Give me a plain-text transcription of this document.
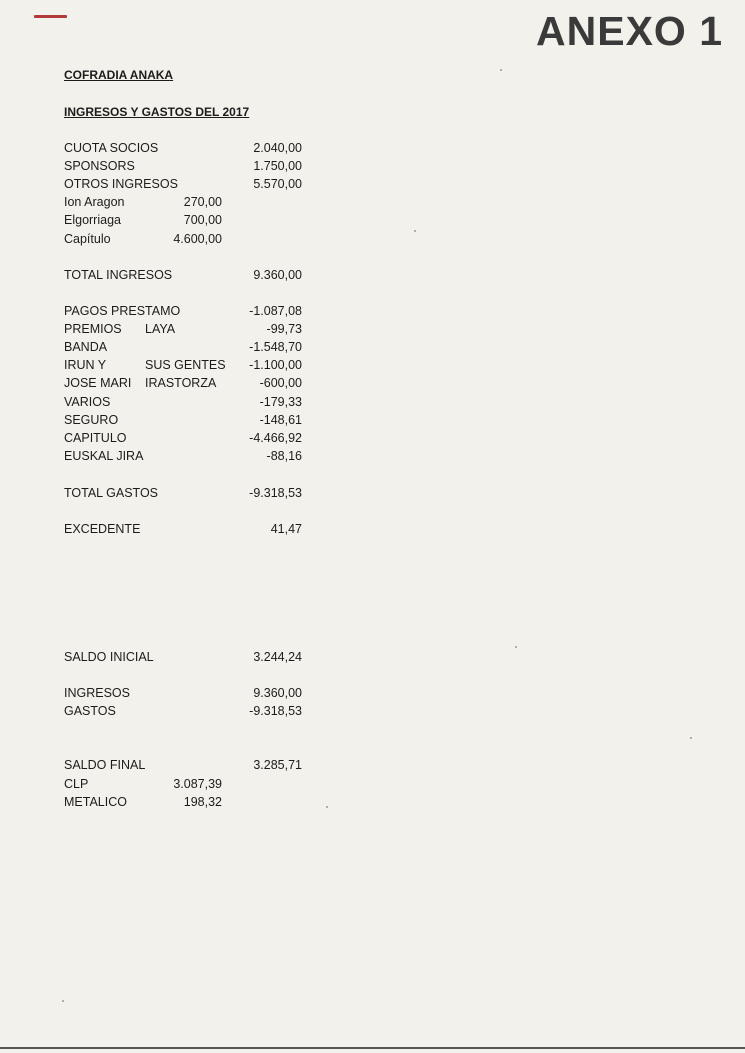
ANEXO 1
COFRADIA ANAKA
INGRESOS Y GASTOS DEL 2017
CUOTA SOCIOS	2.040,00
SPONSORS	1.750,00
OTROS INGRESOS	5.570,00
Ion Aragon	270,00
Elgorriaga	700,00
Capítulo	4.600,00
TOTAL INGRESOS	9.360,00
PAGOS PRESTAMO	-1.087,08
PREMIOS LAYA	-99,73
BANDA	-1.548,70
IRUN Y	SUS GENTES -1.100,00
JOSE MARI IRASTORZA	-600,00
VARIOS	-179,33
SEGURO	-148,61
CAPITULO	-4.466,92
EUSKAL JIRA	-88,16
TOTAL GASTOS	-9.318,53
EXCEDENTE	41,47
SALDO INICIAL	3.244,24
INGRESOS	9.360,00
GASTOS	-9.318,53
SALDO FINAL	3.285,71
CLP	3.087,39
METALICO	198,32
